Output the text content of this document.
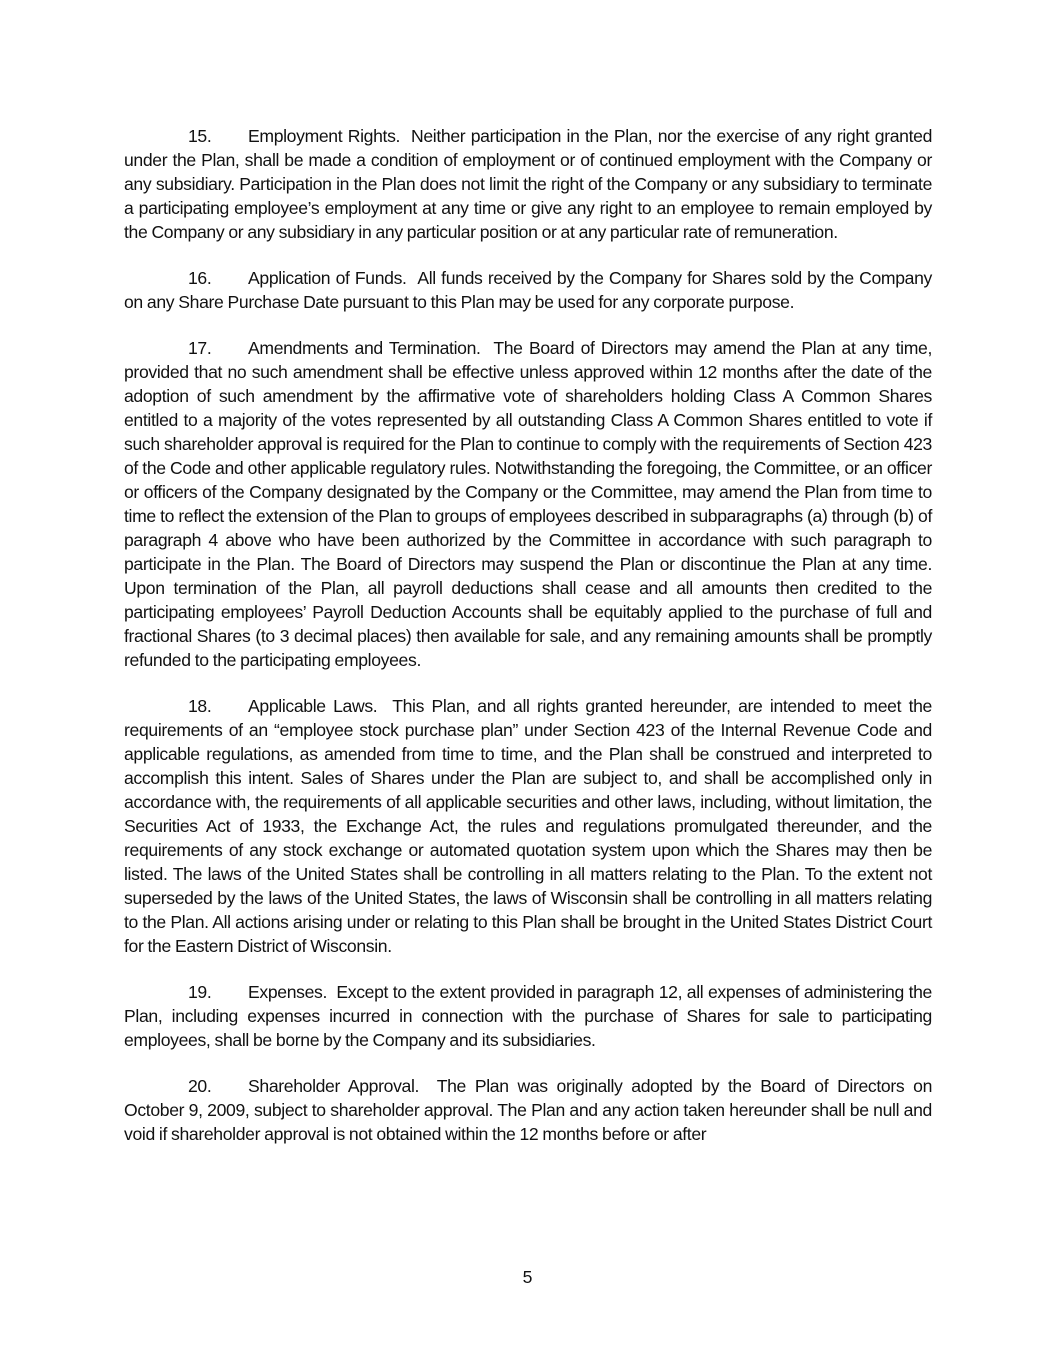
15. Employment Rights. Neither participation in the Plan, nor the exercise of any right granted under the Plan, shall be made a condition of employment or of continued employment with the Company or any subsidiary. Participation in the Plan does not limit the right of the Company or any subsidiary to terminate a participating employee’s employment at any time or give any right to an employee to remain employed by the Company or any subsidiary in any particular position or at any particular rate of remuneration.

16. Application of Funds. All funds received by the Company for Shares sold by the Company on any Share Purchase Date pursuant to this Plan may be used for any corporate purpose.

17. Amendments and Termination. The Board of Directors may amend the Plan at any time, provided that no such amendment shall be effective unless approved within 12 months after the date of the adoption of such amendment by the affirmative vote of shareholders holding Class A Common Shares entitled to a majority of the votes represented by all outstanding Class A Common Shares entitled to vote if such shareholder approval is required for the Plan to continue to comply with the requirements of Section 423 of the Code and other applicable regulatory rules. Notwithstanding the foregoing, the Committee, or an officer or officers of the Company designated by the Company or the Committee, may amend the Plan from time to time to reflect the extension of the Plan to groups of employees described in subparagraphs (a) through (b) of paragraph 4 above who have been authorized by the Committee in accordance with such paragraph to participate in the Plan. The Board of Directors may suspend the Plan or discontinue the Plan at any time. Upon termination of the Plan, all payroll deductions shall cease and all amounts then credited to the participating employees’ Payroll Deduction Accounts shall be equitably applied to the purchase of full and fractional Shares (to 3 decimal places) then available for sale, and any remaining amounts shall be promptly refunded to the participating employees.

18. Applicable Laws. This Plan, and all rights granted hereunder, are intended to meet the requirements of an “employee stock purchase plan” under Section 423 of the Internal Revenue Code and applicable regulations, as amended from time to time, and the Plan shall be construed and interpreted to accomplish this intent. Sales of Shares under the Plan are subject to, and shall be accomplished only in accordance with, the requirements of all applicable securities and other laws, including, without limitation, the Securities Act of 1933, the Exchange Act, the rules and regulations promulgated thereunder, and the requirements of any stock exchange or automated quotation system upon which the Shares may then be listed. The laws of the United States shall be controlling in all matters relating to the Plan. To the extent not superseded by the laws of the United States, the laws of Wisconsin shall be controlling in all matters relating to the Plan. All actions arising under or relating to this Plan shall be brought in the United States District Court for the Eastern District of Wisconsin.

19. Expenses. Except to the extent provided in paragraph 12, all expenses of administering the Plan, including expenses incurred in connection with the purchase of Shares for sale to participating employees, shall be borne by the Company and its subsidiaries.

20. Shareholder Approval. The Plan was originally adopted by the Board of Directors on October 9, 2009, subject to shareholder approval. The Plan and any action taken hereunder shall be null and void if shareholder approval is not obtained within the 12 months before or after

5
